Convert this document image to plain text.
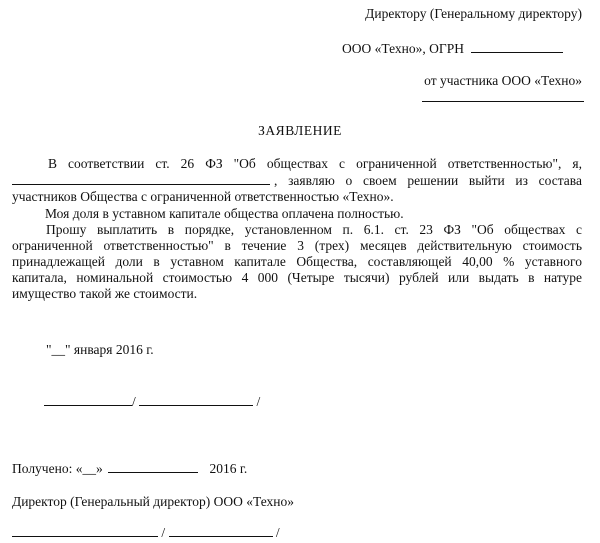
Директору (Генеральному директору)
ООО «Техно», ОГРН
от участника ООО «Техно»
ЗАЯВЛЕНИЕ
В соответствии ст. 26 ФЗ "Об обществах с ограниченной ответственностью", я,
, заявляю о своем решении выйти из состава
участников Общества с ограниченной ответственностью «Техно».
Моя доля в уставном капитале общества оплачена полностью.
Прошу выплатить в порядке, установленном п. 6.1. ст. 23 ФЗ "Об обществах с
ограниченной ответственностью" в течение 3 (трех) месяцев действительную стоимость
принадлежащей доли в уставном капитале Общества, составляющей 40,00 % уставного
капитала, номинальной стоимостью 4 000 (Четыре тысячи) рублей или выдать в натуре
имущество такой же стоимости.
"__" января 2016 г.
/	/
Получено: «__»	2016 г.
Директор (Генеральный директор) ООО «Техно»
/	/
